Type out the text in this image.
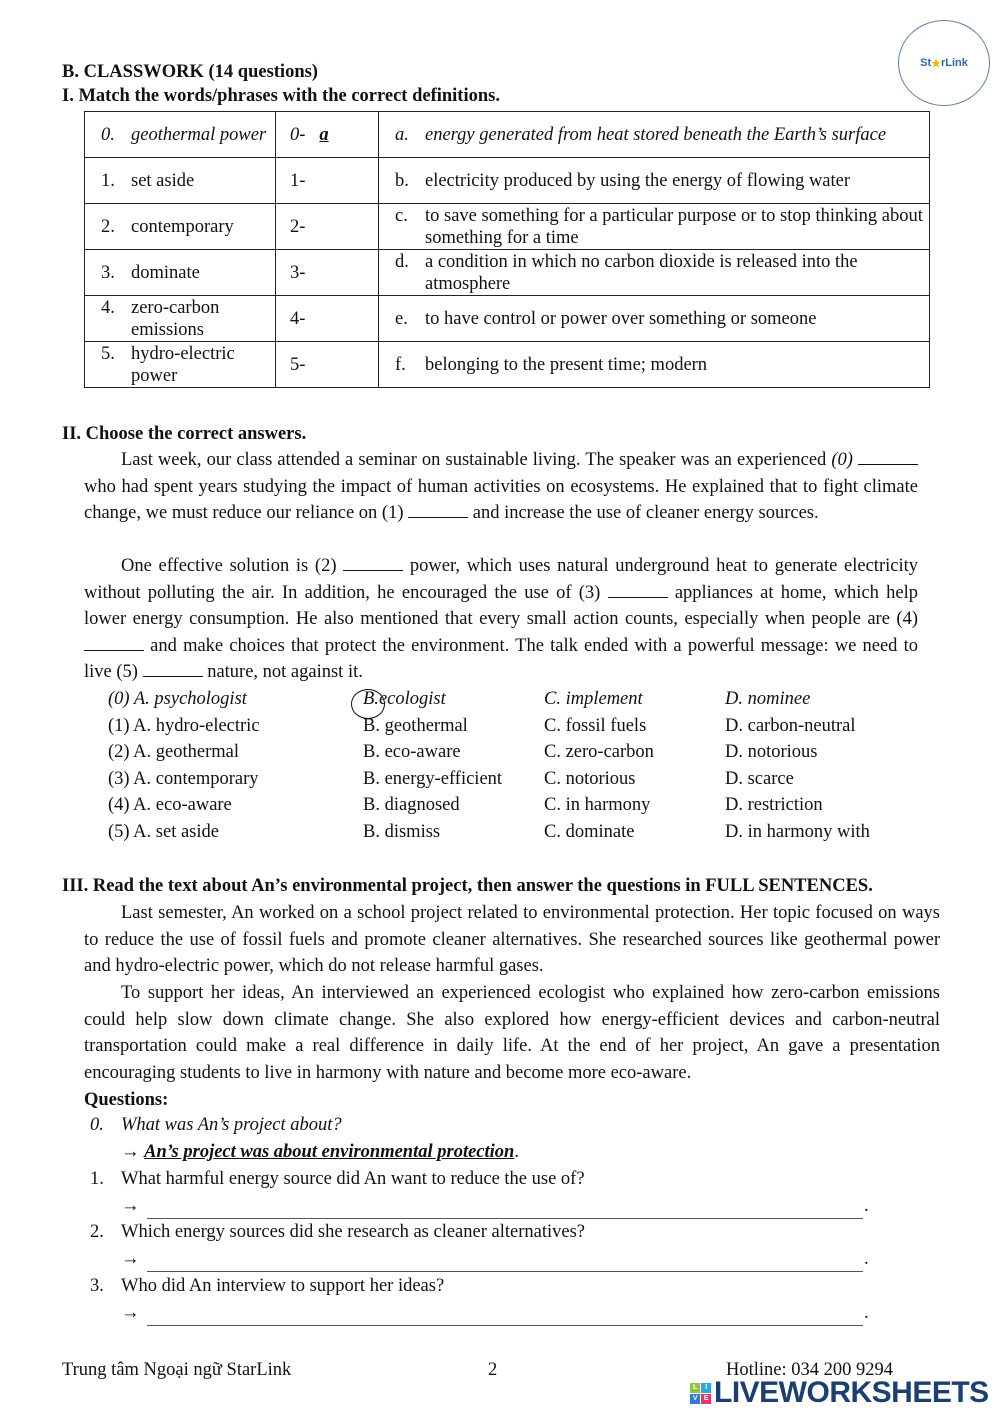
St ★ rLink
B. CLASSWORK (14 questions)
I. Match the words/phrases with the correct definitions.
0. geothermal power	0- a	a. energy generated from heat stored beneath the Earth’s surface

1. set aside	1-	b. electricity produced by using the energy of flowing water

2. contemporary	2-	c. to save something for a particular purpose or to stop thinking about something for a time

3. dominate	3-	d. a condition in which no carbon dioxide is released into the atmosphere

4. zero-carbon emissions	4-	e. to have control or power over something or someone

5. hydro-electric power	5-	f. belonging to the present time; modern
II. Choose the correct answers.
Last week, our class attended a seminar on sustainable living. The speaker was an experienced (0)  who had spent years studying the impact of human activities on ecosystems. He explained that to fight climate change, we must reduce our reliance on (1)	and increase the use of cleaner energy sources.
One effective solution is (2)	power, which uses natural underground heat to generate electricity without polluting the air. In addition, he encouraged the use of (3)	appliances at home, which help lower energy consumption. He also mentioned that every small action counts, especially when people are (4)  and make choices that protect the environment. The talk ended with a powerful message: we need to live (5)	nature, not against it.
(0) A. psychologist	B.ecologist	C. implement	D. nominee
(1) A. hydro-electric	B. geothermal	C. fossil fuels	D. carbon-neutral
(2) A. geothermal	B. eco-aware	C. zero-carbon	D. notorious
(3) A. contemporary	B. energy-efficient	C. notorious	D. scarce
(4) A. eco-aware	B. diagnosed	C. in harmony	D. restriction
(5) A. set aside	B. dismiss	C. dominate	D. in harmony with
III. Read the text about An’s environmental project, then answer the questions in FULL SENTENCES.
Last semester, An worked on a school project related to environmental protection. Her topic focused on ways to reduce the use of fossil fuels and promote cleaner alternatives. She researched sources like geothermal power and hydro-electric power, which do not release harmful gases.
To support her ideas, An interviewed an experienced ecologist who explained how zero-carbon emissions could help slow down climate change. She also explored how energy-efficient devices and carbon-neutral transportation could make a real difference in daily life. At the end of her project, An gave a presentation encouraging students to live in harmony with nature and become more eco-aware.
Questions:
0. What was An’s project about?
→ An’s project was about environmental protection.
1. What harmful energy source did An want to reduce the use of?
→	.
2. Which energy sources did she research as cleaner alternatives?
→	.
3. Who did An interview to support her ideas?
→	.
Trung tâm Ngoại ngữ StarLink	2	Hotline: 034 200 9294
L	I
V E LIVEWORKSHEETS
